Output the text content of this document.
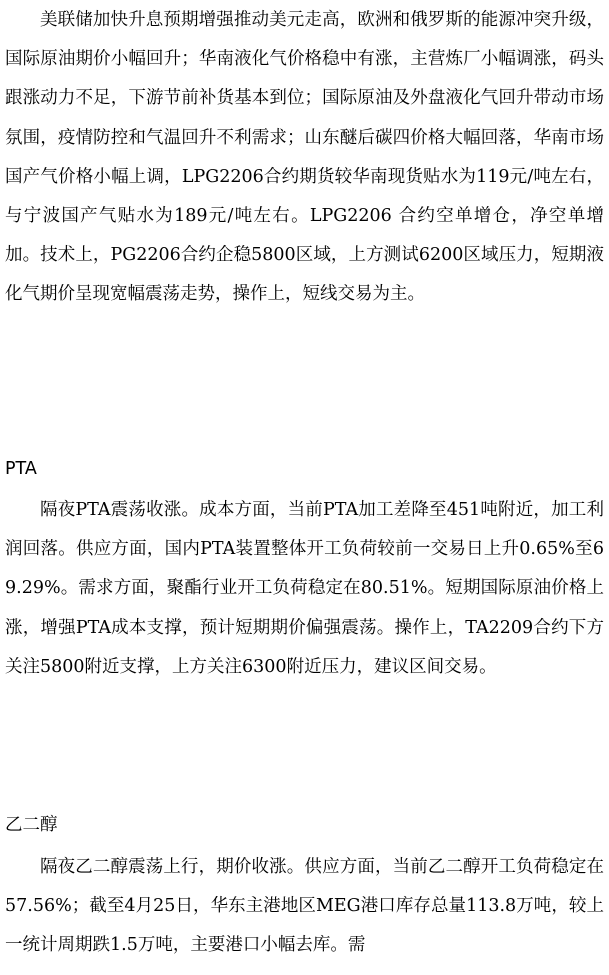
美联储加快升息预期增强推动美元走高，欧洲和俄罗斯的能源冲突升级，国际原油期价小幅回升；华南液化气价格稳中有涨，主营炼厂小幅调涨，码头跟涨动力不足，下游节前补货基本到位；国际原油及外盘液化气回升带动市场氛围，疫情防控和气温回升不利需求；山东醚后碳四价格大幅回落，华南市场国产气价格小幅上调，LPG2206合约期货较华南现货贴水为119元/吨左右，与宁波国产气贴水为189元/吨左右。LPG2206 合约空单增仓，净空单增加。技术上，PG2206合约企稳5800区域，上方测试6200区域压力，短期液化气期价呈现宽幅震荡走势，操作上，短线交易为主。

PTA

隔夜PTA震荡收涨。成本方面，当前PTA加工差降至451吨附近，加工利润回落。供应方面，国内PTA装置整体开工负荷较前一交易日上升0.65%至69.29%。需求方面，聚酯行业开工负荷稳定在80.51%。短期国际原油价格上涨，增强PTA成本支撑，预计短期期价偏强震荡。操作上，TA2209合约下方关注5800附近支撑，上方关注6300附近压力，建议区间交易。

乙二醇

隔夜乙二醇震荡上行，期价收涨。供应方面，当前乙二醇开工负荷稳定在57.56%；截至4月25日，华东主港地区MEG港口库存总量113.8万吨，较上一统计周期跌1.5万吨，主要港口小幅去库。需
